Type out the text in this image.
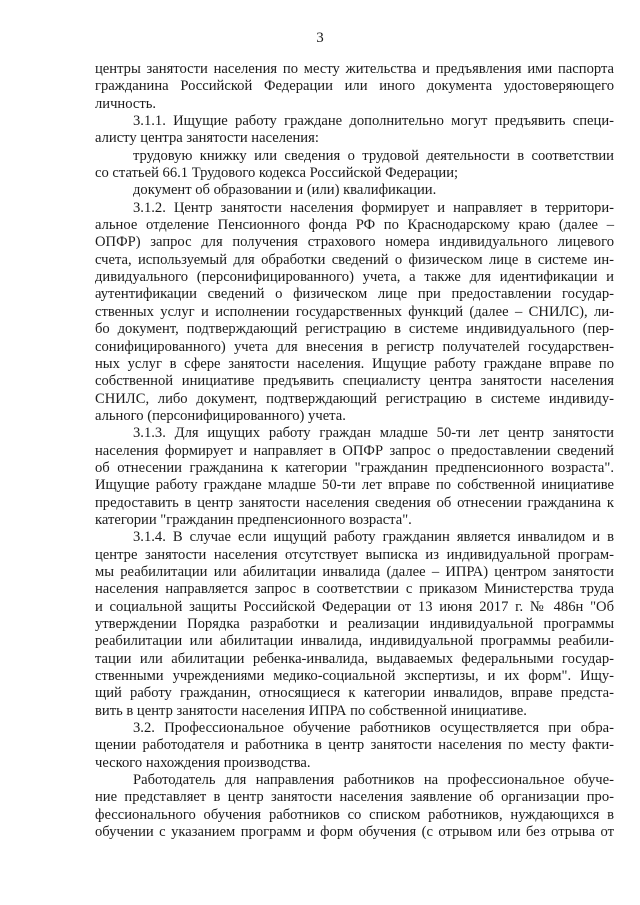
3
центры занятости населения по месту жительства и предъявления ими паспорта
гражданина Российской Федерации или иного документа удостоверяющего
личность.
3.1.1. Ищущие работу граждане дополнительно могут предъявить специ-
алисту центра занятости населения:
трудовую книжку или сведения о трудовой деятельности в соответствии
со статьей 66.1 Трудового кодекса Российской Федерации;
документ об образовании и (или) квалификации.
3.1.2. Центр занятости населения формирует и направляет в территори-
альное отделение Пенсионного фонда РФ по Краснодарскому краю (далее –
ОПФР) запрос для получения страхового номера индивидуального лицевого
счета, используемый для обработки сведений о физическом лице в системе ин-
дивидуального (персонифицированного) учета, а также для идентификации и
аутентификации сведений о физическом лице при предоставлении государ-
ственных услуг и исполнении государственных функций (далее – СНИЛС), ли-
бо документ, подтверждающий регистрацию в системе индивидуального (пер-
сонифицированного) учета для внесения в регистр получателей государствен-
ных услуг в сфере занятости населения. Ищущие работу граждане вправе по
собственной инициативе предъявить специалисту центра занятости населения
СНИЛС, либо документ, подтверждающий регистрацию в системе индивиду-
ального (персонифицированного) учета.
3.1.3. Для ищущих работу граждан младше 50-ти лет центр занятости
населения формирует и направляет в ОПФР запрос о предоставлении сведений
об отнесении гражданина к категории "гражданин предпенсионного возраста".
Ищущие работу граждане младше 50-ти лет вправе по собственной инициативе
предоставить в центр занятости населения сведения об отнесении гражданина к
категории "гражданин предпенсионного возраста".
3.1.4. В случае если ищущий работу гражданин является инвалидом и в
центре занятости населения отсутствует выписка из индивидуальной програм-
мы реабилитации или абилитации инвалида (далее – ИПРА) центром занятости
населения направляется запрос в соответствии с приказом Министерства труда
и социальной защиты Российской Федерации от 13 июня 2017 г. № 486н "Об
утверждении Порядка разработки и реализации индивидуальной программы
реабилитации или абилитации инвалида, индивидуальной программы реабили-
тации или абилитации ребенка-инвалида, выдаваемых федеральными государ-
ственными учреждениями медико-социальной экспертизы, и их форм". Ищу-
щий работу гражданин, относящиеся к категории инвалидов, вправе предста-
вить в центр занятости населения ИПРА по собственной инициативе.
3.2. Профессиональное обучение работников осуществляется при обра-
щении работодателя и работника в центр занятости населения по месту факти-
ческого нахождения производства.
Работодатель для направления работников на профессиональное обуче-
ние представляет в центр занятости населения заявление об организации про-
фессионального обучения работников со списком работников, нуждающихся в
обучении с указанием программ и форм обучения (с отрывом или без отрыва от
